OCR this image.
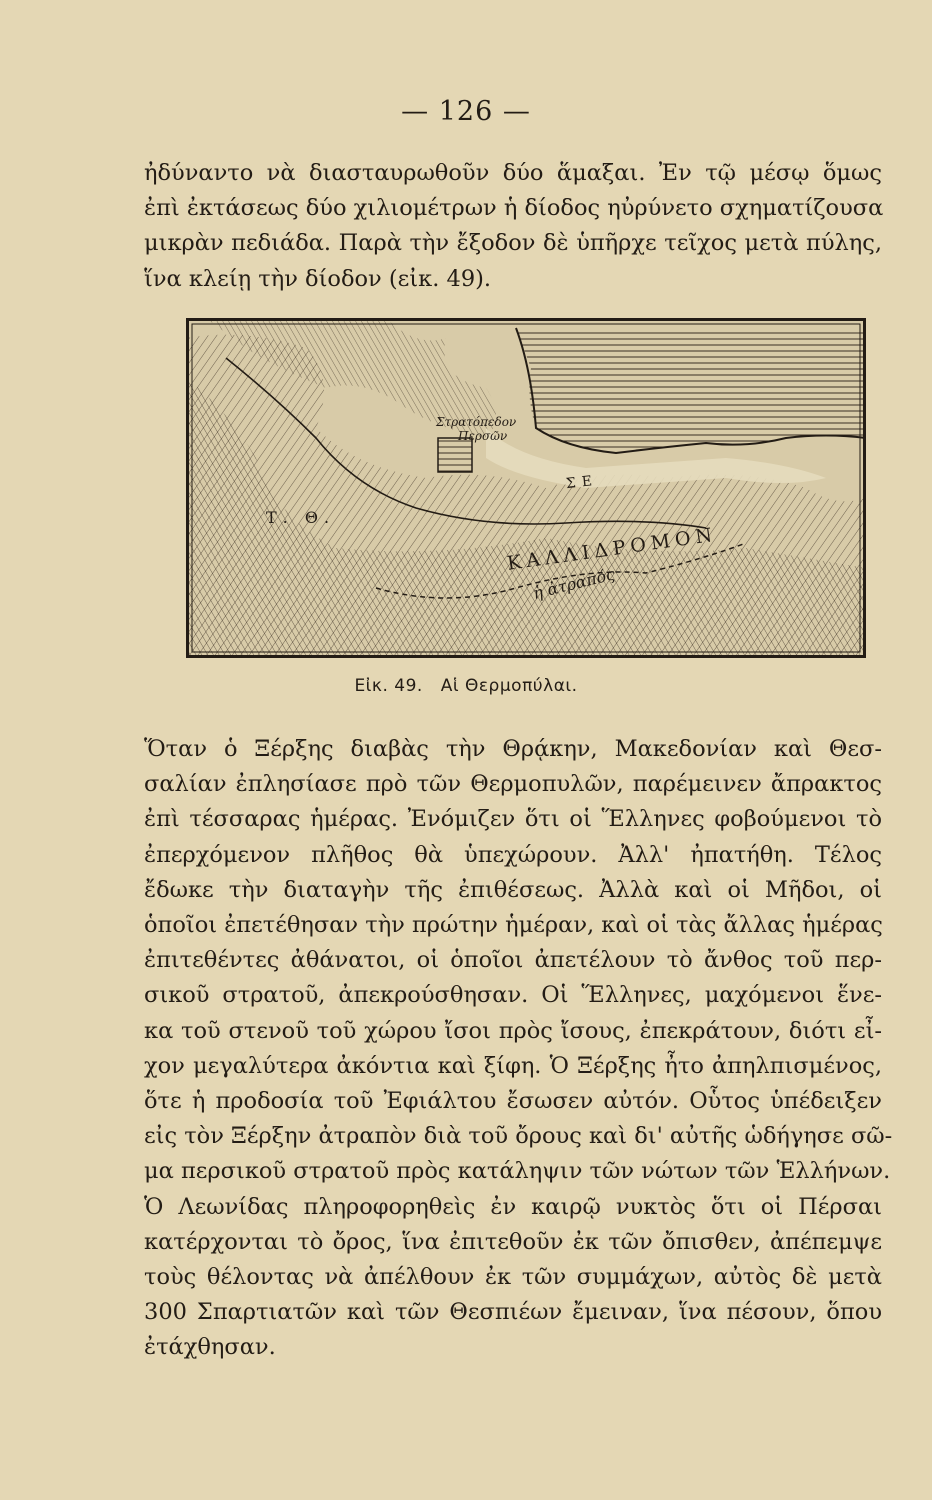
— 126 —
ἠδύναντο νὰ διασταυρωθοῦν δύο ἅμαξαι. Ἐν τῷ μέσῳ ὅμως
ἐπὶ ἐκτάσεως δύο χιλιομέτρων ἡ δίοδος ηὐρύνετο σχηματίζουσα
μικρὰν πεδιάδα. Παρὰ τὴν ἔξοδον δὲ ὑπῆρχε τεῖχος μετὰ πύλης,
ἵνα κλείῃ τὴν δίοδον (εἰκ. 49).
Στρατόπεδον
Περσῶν
ΚΑΛΛΙΔΡΟΜΟΝ
ἡ ἀτραπός
Τ. Θ.
ΣΕ
Εἰκ. 49. Αἱ Θερμοπύλαι.
Ὅταν ὁ Ξέρξης διαβὰς τὴν Θρᾴκην, Μακεδονίαν καὶ Θεσ-
σαλίαν ἐπλησίασε πρὸ τῶν Θερμοπυλῶν, παρέμεινεν ἄπρακτος
ἐπὶ τέσσαρας ἡμέρας. Ἐνόμιζεν ὅτι οἱ Ἕλληνες φοβούμενοι τὸ
ἐπερχόμενον πλῆθος θὰ ὑπεχώρουν. Ἀλλ' ἠπατήθη. Τέλος
ἔδωκε τὴν διαταγὴν τῆς ἐπιθέσεως. Ἀλλὰ καὶ οἱ Μῆδοι, οἱ
ὁποῖοι ἐπετέθησαν τὴν πρώτην ἡμέραν, καὶ οἱ τὰς ἄλλας ἡμέρας
ἐπιτεθέντες ἀθάνατοι, οἱ ὁποῖοι ἀπετέλουν τὸ ἄνθος τοῦ περ-
σικοῦ στρατοῦ, ἀπεκρούσθησαν. Οἱ Ἕλληνες, μαχόμενοι ἕνε-
κα τοῦ στενοῦ τοῦ χώρου ἴσοι πρὸς ἴσους, ἐπεκράτουν, διότι εἶ-
χον μεγαλύτερα ἀκόντια καὶ ξίφη. Ὁ Ξέρξης ἦτο ἀπηλπισμένος,
ὅτε ἡ προδοσία τοῦ Ἐφιάλτου ἔσωσεν αὐτόν. Οὗτος ὑπέδειξεν
εἰς τὸν Ξέρξην ἀτραπὸν διὰ τοῦ ὄρους καὶ δι' αὐτῆς ὡδήγησε σῶ-
μα περσικοῦ στρατοῦ πρὸς κατάληψιν τῶν νώτων τῶν Ἑλλήνων.
Ὁ Λεωνίδας πληροφορηθεὶς ἐν καιρῷ νυκτὸς ὅτι οἱ Πέρσαι
κατέρχονται τὸ ὄρος, ἵνα ἐπιτεθοῦν ἐκ τῶν ὄπισθεν, ἀπέπεμψε
τοὺς θέλοντας νὰ ἀπέλθουν ἐκ τῶν συμμάχων, αὐτὸς δὲ μετὰ
300 Σπαρτιατῶν καὶ τῶν Θεσπιέων ἔμειναν, ἵνα πέσουν, ὅπου
ἐτάχθησαν.
